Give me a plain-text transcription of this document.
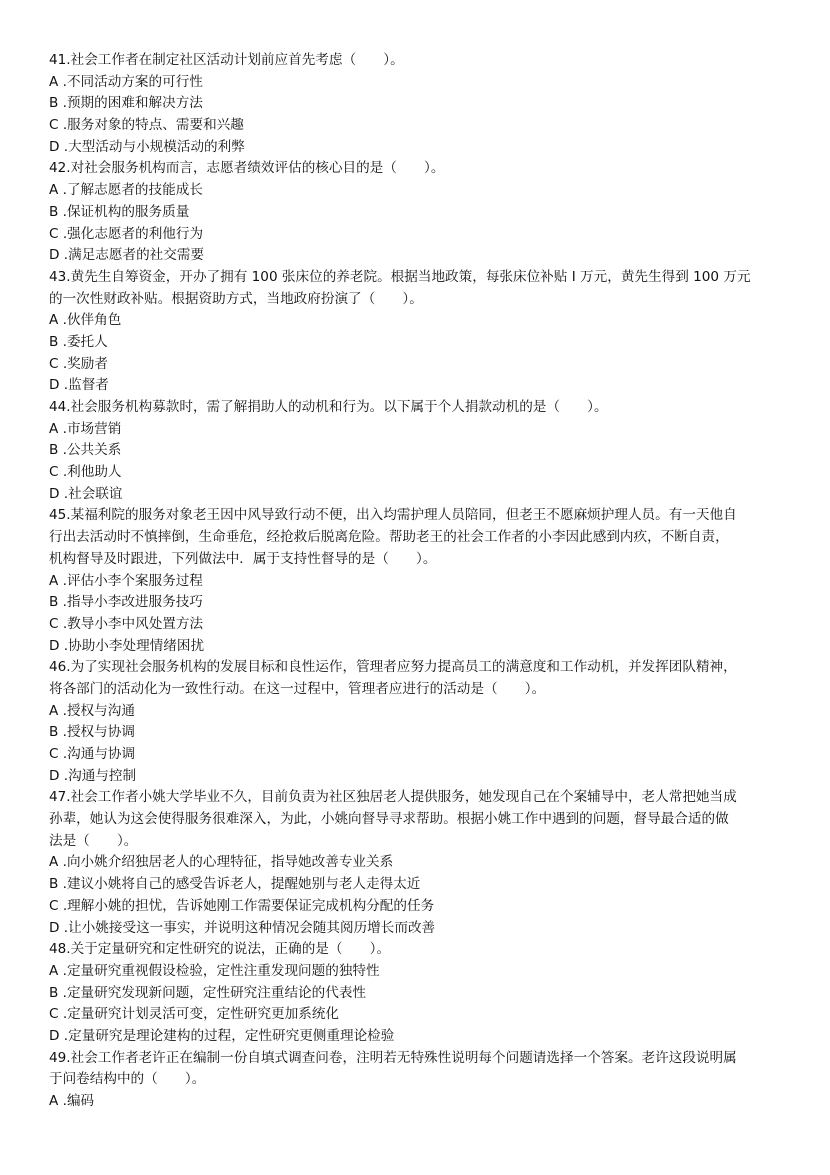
41.社会工作者在制定社区活动计划前应首先考虑（　　）。
A .不同活动方案的可行性
B .预期的困难和解决方法
C .服务对象的特点、需要和兴趣
D .大型活动与小规模活动的利弊
42.对社会服务机构而言，志愿者绩效评估的核心目的是（　　）。
A .了解志愿者的技能成长
B .保证机构的服务质量
C .强化志愿者的利他行为
D .满足志愿者的社交需要
43.黄先生自筹资金，开办了拥有 100 张床位的养老院。根据当地政策，每张床位补贴 I 万元，黄先生得到 100 万元
的一次性财政补贴。根据资助方式，当地政府扮演了（　　）。
A .伙伴角色
B .委托人
C .奖励者
D .监督者
44.社会服务机构募款时，需了解捐助人的动机和行为。以下属于个人捐款动机的是（　　）。
A .市场营销
B .公共关系
C .利他助人
D .社会联谊
45.某福利院的服务对象老王因中风导致行动不便，出入均需护理人员陪同，但老王不愿麻烦护理人员。有一天他自
行出去活动时不慎摔倒，生命垂危，经抢救后脱离危险。帮助老王的社会工作者的小李因此感到内疚，不断自责，
机构督导及时跟进，下列做法中．属于支持性督导的是（　　）。
A .评估小李个案服务过程
B .指导小李改进服务技巧
C .教导小李中风处置方法
D .协助小李处理情绪困扰
46.为了实现社会服务机构的发展目标和良性运作，管理者应努力提高员工的满意度和工作动机，并发挥团队精神，
将各部门的活动化为一致性行动。在这一过程中，管理者应进行的活动是（　　）。
A .授权与沟通
B .授权与协调
C .沟通与协调
D .沟通与控制
47.社会工作者小姚大学毕业不久，目前负责为社区独居老人提供服务，她发现自己在个案辅导中，老人常把她当成
孙辈，她认为这会使得服务很难深入，为此，小姚向督导寻求帮助。根据小姚工作中遇到的问题，督导最合适的做
法是（　　）。
A .向小姚介绍独居老人的心理特征，指导她改善专业关系
B .建议小姚将自己的感受告诉老人，提醒她别与老人走得太近
C .理解小姚的担忧，告诉她刚工作需要保证完成机构分配的任务
D .让小姚接受这一事实，并说明这种情况会随其阅历增长而改善
48.关于定量研究和定性研究的说法，正确的是（　　）。
A .定量研究重视假设检验，定性注重发现问题的独特性
B .定量研究发现新问题，定性研究注重结论的代表性
C .定量研究计划灵活可变，定性研究更加系统化
D .定量研究是理论建构的过程，定性研究更侧重理论检验
49.社会工作者老许正在编制一份自填式调查问卷，注明若无特殊性说明每个问题请选择一个答案。老许这段说明属
于问卷结构中的（　　）。
A .编码
